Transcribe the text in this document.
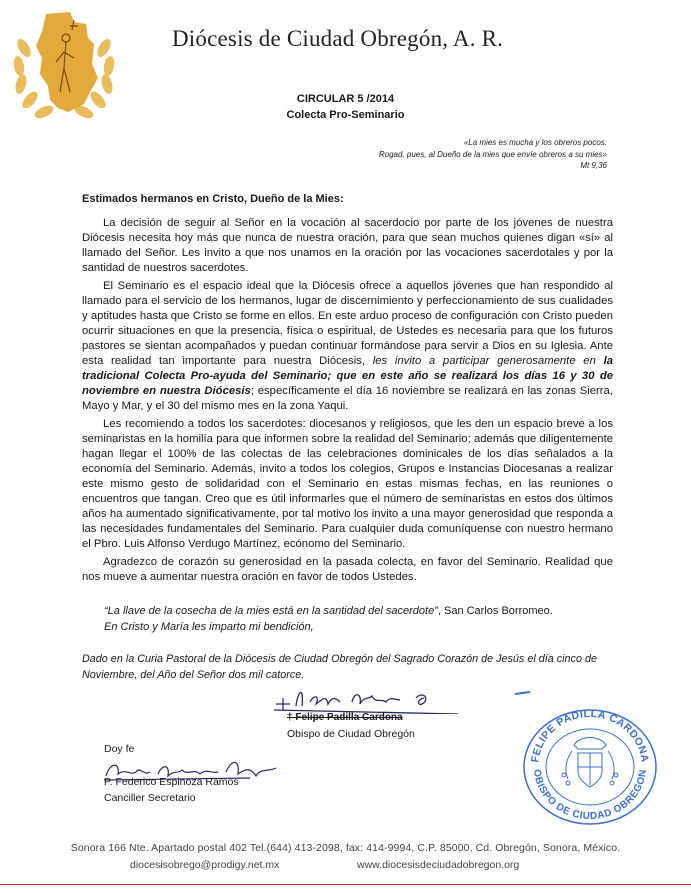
Diócesis de Ciudad Obregón, A. R.
CIRCULAR 5 /2014
Colecta Pro-Seminario
«La mies es mucha y los obreros pocos.
Rogad, pues, al Dueño de la mies que envíe obreros a su mies»
Mt 9,36
Estimados hermanos en Cristo, Dueño de la Mies:

La decisión de seguir al Señor en la vocación al sacerdocio por parte de los jóvenes de nuestra Diócesis necesita hoy más que nunca de nuestra oración, para que sean muchos quienes digan «sí» al llamado del Señor. Les invito a que nos unamos en la oración por las vocaciones sacerdotales y por la santidad de nuestros sacerdotes.

El Seminario es el espacio ideal que la Diócesis ofrece a aquellos jóvenes que han respondido al llamado para el servicio de los hermanos, lugar de discernimiento y perfeccionamiento de sus cualidades y aptitudes hasta que Cristo se forme en ellos. En este arduo proceso de configuración con Cristo pueden ocurrir situaciones en que la presencia, física o espiritual, de Ustedes es necesaria para que los futuros pastores se sientan acompañados y puedan continuar formándose para servir a Dios en su Iglesia. Ante esta realidad tan importante para nuestra Diócesis, les invito a participar generosamente en la tradicional Colecta Pro-ayuda del Seminario; que en este año se realizará los días 16 y 30 de noviembre en nuestra Diócesis; específicamente el día 16 noviembre se realizará en las zonas Sierra, Mayo y Mar, y el 30 del mismo mes en la zona Yaqui.

Les recomiendo a todos los sacerdotes: diocesanos y religiosos, que les den un espacio breve a los seminaristas en la homilía para que informen sobre la realidad del Seminario; además que diligentemente hagan llegar el 100% de las colectas de las celebraciones dominicales de los días señalados a la economía del Seminario. Además, invito a todos los colegios, Grupos e Instancias Diocesanas a realizar este mismo gesto de solidaridad con el Seminario en estas mismas fechas, en las reuniones o encuentros que tangan. Creo que es útil informarles que el número de seminaristas en estos dos últimos años ha aumentado significativamente, por tal motivo los invito a una mayor generosidad que responda a las necesidades fundamentales del Seminario. Para cualquier duda comuníquense con nuestro hermano el Pbro. Luis Alfonso Verdugo Martínez, ecónomo del Seminario.

Agradezco de corazón su generosidad en la pasada colecta, en favor del Seminario. Realidad que nos mueve a aumentar nuestra oración en favor de todos Ustedes.

“La llave de la cosecha de la mies está en la santidad del sacerdote”, San Carlos Borromeo.
En Cristo y María les imparto mi bendición,
Dado en la Curia Pastoral de la Diócesis de Ciudad Obregón del Sagrado Corazón de Jesús el día cinco de Noviembre, del Año del Señor dos mil catorce.
† Felipe Padilla Cardona
Obispo de Ciudad Obregón
Doy fe
P. Federico Espinoza Ramos
Canciller Secretario
FELIPE PADILLA CARDONA
OBISPO DE CIUDAD OBREGON
Sonora 166 Nte. Apartado postal 402 Tel.(644) 413-2098, fax: 414-9994, C.P. 85000, Cd. Obregón, Sonora, México.
diocesisobrego@prodigy.net.mx	www.diocesisdeciudadobregon.org
